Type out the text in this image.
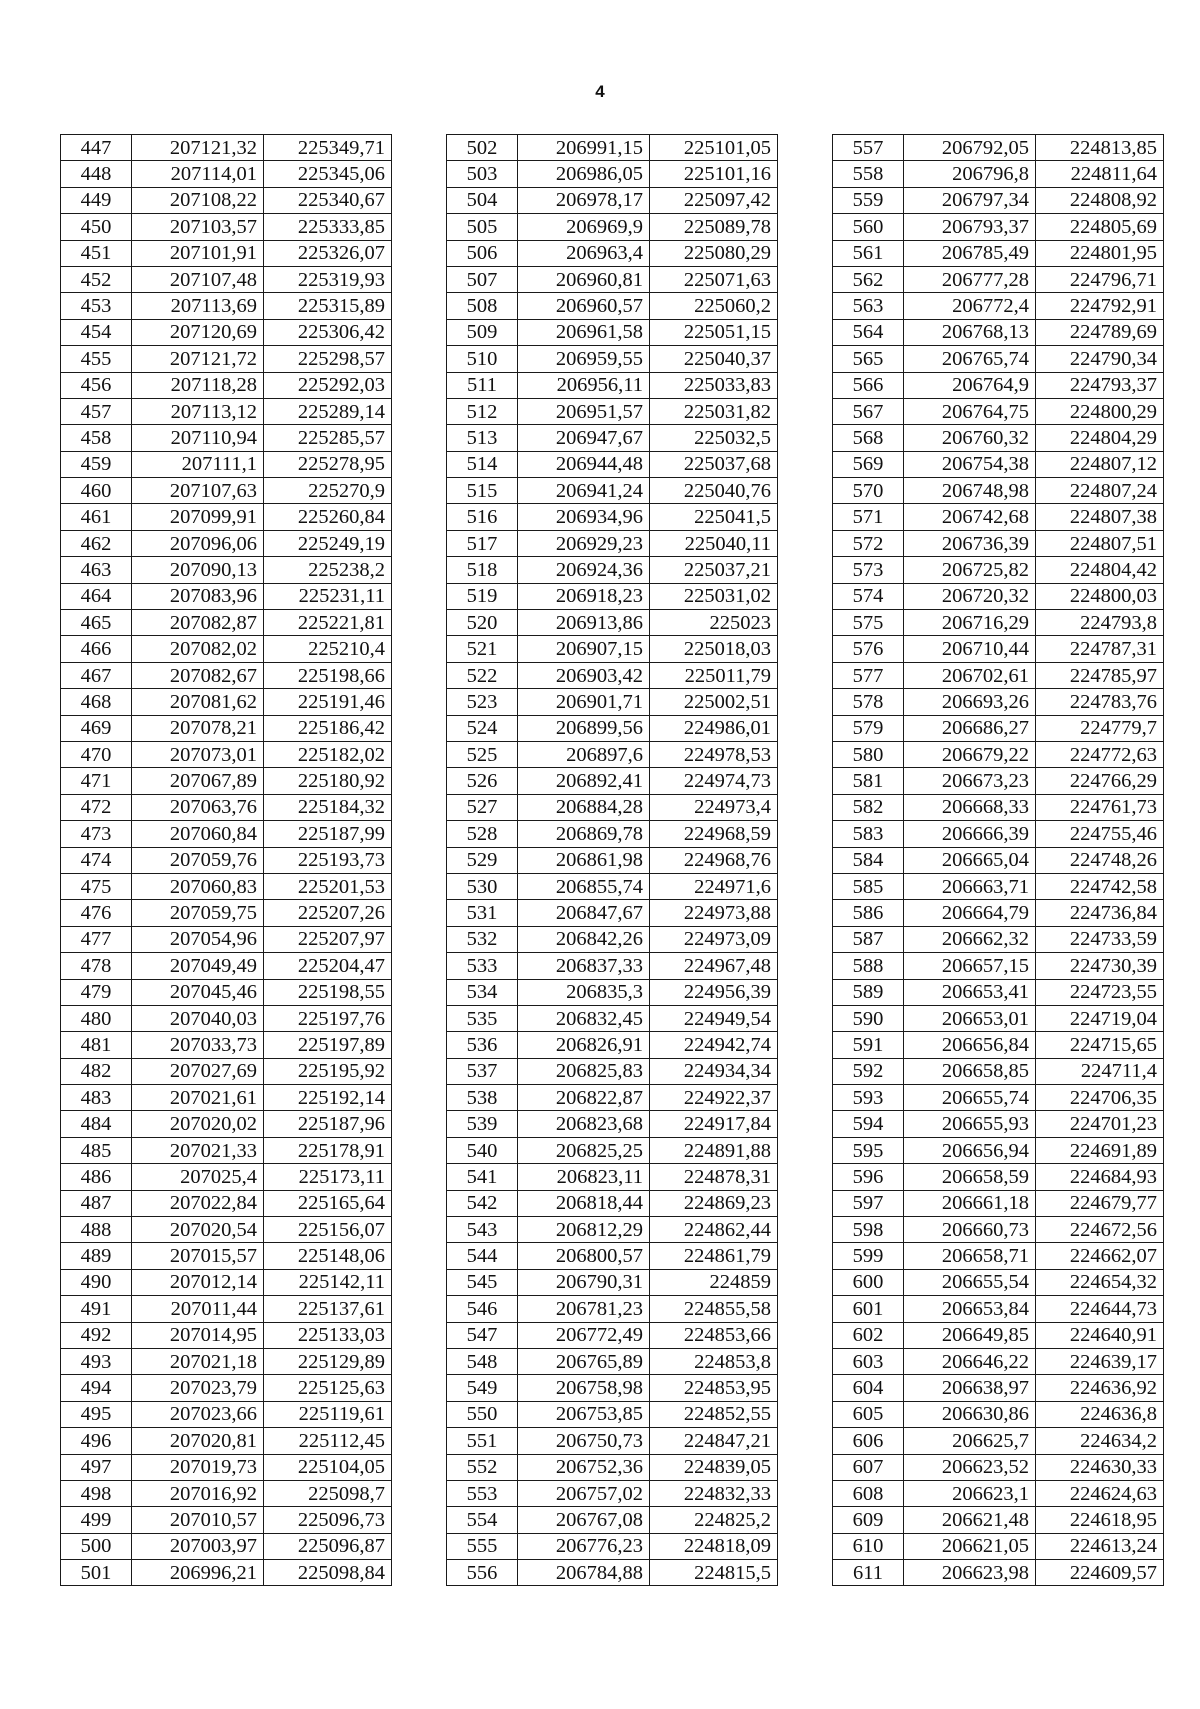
4
447	207121,32	225349,71
448	207114,01	225345,06
449	207108,22	225340,67
450	207103,57	225333,85
451	207101,91	225326,07
452	207107,48	225319,93
453	207113,69	225315,89
454	207120,69	225306,42
455	207121,72	225298,57
456	207118,28	225292,03
457	207113,12	225289,14
458	207110,94	225285,57
459	207111,1	225278,95
460	207107,63	225270,9
461	207099,91	225260,84
462	207096,06	225249,19
463	207090,13	225238,2
464	207083,96	225231,11
465	207082,87	225221,81
466	207082,02	225210,4
467	207082,67	225198,66
468	207081,62	225191,46
469	207078,21	225186,42
470	207073,01	225182,02
471	207067,89	225180,92
472	207063,76	225184,32
473	207060,84	225187,99
474	207059,76	225193,73
475	207060,83	225201,53
476	207059,75	225207,26
477	207054,96	225207,97
478	207049,49	225204,47
479	207045,46	225198,55
480	207040,03	225197,76
481	207033,73	225197,89
482	207027,69	225195,92
483	207021,61	225192,14
484	207020,02	225187,96
485	207021,33	225178,91
486	207025,4	225173,11
487	207022,84	225165,64
488	207020,54	225156,07
489	207015,57	225148,06
490	207012,14	225142,11
491	207011,44	225137,61
492	207014,95	225133,03
493	207021,18	225129,89
494	207023,79	225125,63
495	207023,66	225119,61
496	207020,81	225112,45
497	207019,73	225104,05
498	207016,92	225098,7
499	207010,57	225096,73
500	207003,97	225096,87
501	206996,21	225098,84
502	206991,15	225101,05
503	206986,05	225101,16
504	206978,17	225097,42
505	206969,9	225089,78
506	206963,4	225080,29
507	206960,81	225071,63
508	206960,57	225060,2
509	206961,58	225051,15
510	206959,55	225040,37
511	206956,11	225033,83
512	206951,57	225031,82
513	206947,67	225032,5
514	206944,48	225037,68
515	206941,24	225040,76
516	206934,96	225041,5
517	206929,23	225040,11
518	206924,36	225037,21
519	206918,23	225031,02
520	206913,86	225023
521	206907,15	225018,03
522	206903,42	225011,79
523	206901,71	225002,51
524	206899,56	224986,01
525	206897,6	224978,53
526	206892,41	224974,73
527	206884,28	224973,4
528	206869,78	224968,59
529	206861,98	224968,76
530	206855,74	224971,6
531	206847,67	224973,88
532	206842,26	224973,09
533	206837,33	224967,48
534	206835,3	224956,39
535	206832,45	224949,54
536	206826,91	224942,74
537	206825,83	224934,34
538	206822,87	224922,37
539	206823,68	224917,84
540	206825,25	224891,88
541	206823,11	224878,31
542	206818,44	224869,23
543	206812,29	224862,44
544	206800,57	224861,79
545	206790,31	224859
546	206781,23	224855,58
547	206772,49	224853,66
548	206765,89	224853,8
549	206758,98	224853,95
550	206753,85	224852,55
551	206750,73	224847,21
552	206752,36	224839,05
553	206757,02	224832,33
554	206767,08	224825,2
555	206776,23	224818,09
556	206784,88	224815,5
557	206792,05	224813,85
558	206796,8	224811,64
559	206797,34	224808,92
560	206793,37	224805,69
561	206785,49	224801,95
562	206777,28	224796,71
563	206772,4	224792,91
564	206768,13	224789,69
565	206765,74	224790,34
566	206764,9	224793,37
567	206764,75	224800,29
568	206760,32	224804,29
569	206754,38	224807,12
570	206748,98	224807,24
571	206742,68	224807,38
572	206736,39	224807,51
573	206725,82	224804,42
574	206720,32	224800,03
575	206716,29	224793,8
576	206710,44	224787,31
577	206702,61	224785,97
578	206693,26	224783,76
579	206686,27	224779,7
580	206679,22	224772,63
581	206673,23	224766,29
582	206668,33	224761,73
583	206666,39	224755,46
584	206665,04	224748,26
585	206663,71	224742,58
586	206664,79	224736,84
587	206662,32	224733,59
588	206657,15	224730,39
589	206653,41	224723,55
590	206653,01	224719,04
591	206656,84	224715,65
592	206658,85	224711,4
593	206655,74	224706,35
594	206655,93	224701,23
595	206656,94	224691,89
596	206658,59	224684,93
597	206661,18	224679,77
598	206660,73	224672,56
599	206658,71	224662,07
600	206655,54	224654,32
601	206653,84	224644,73
602	206649,85	224640,91
603	206646,22	224639,17
604	206638,97	224636,92
605	206630,86	224636,8
606	206625,7	224634,2
607	206623,52	224630,33
608	206623,1	224624,63
609	206621,48	224618,95
610	206621,05	224613,24
611	206623,98	224609,57
